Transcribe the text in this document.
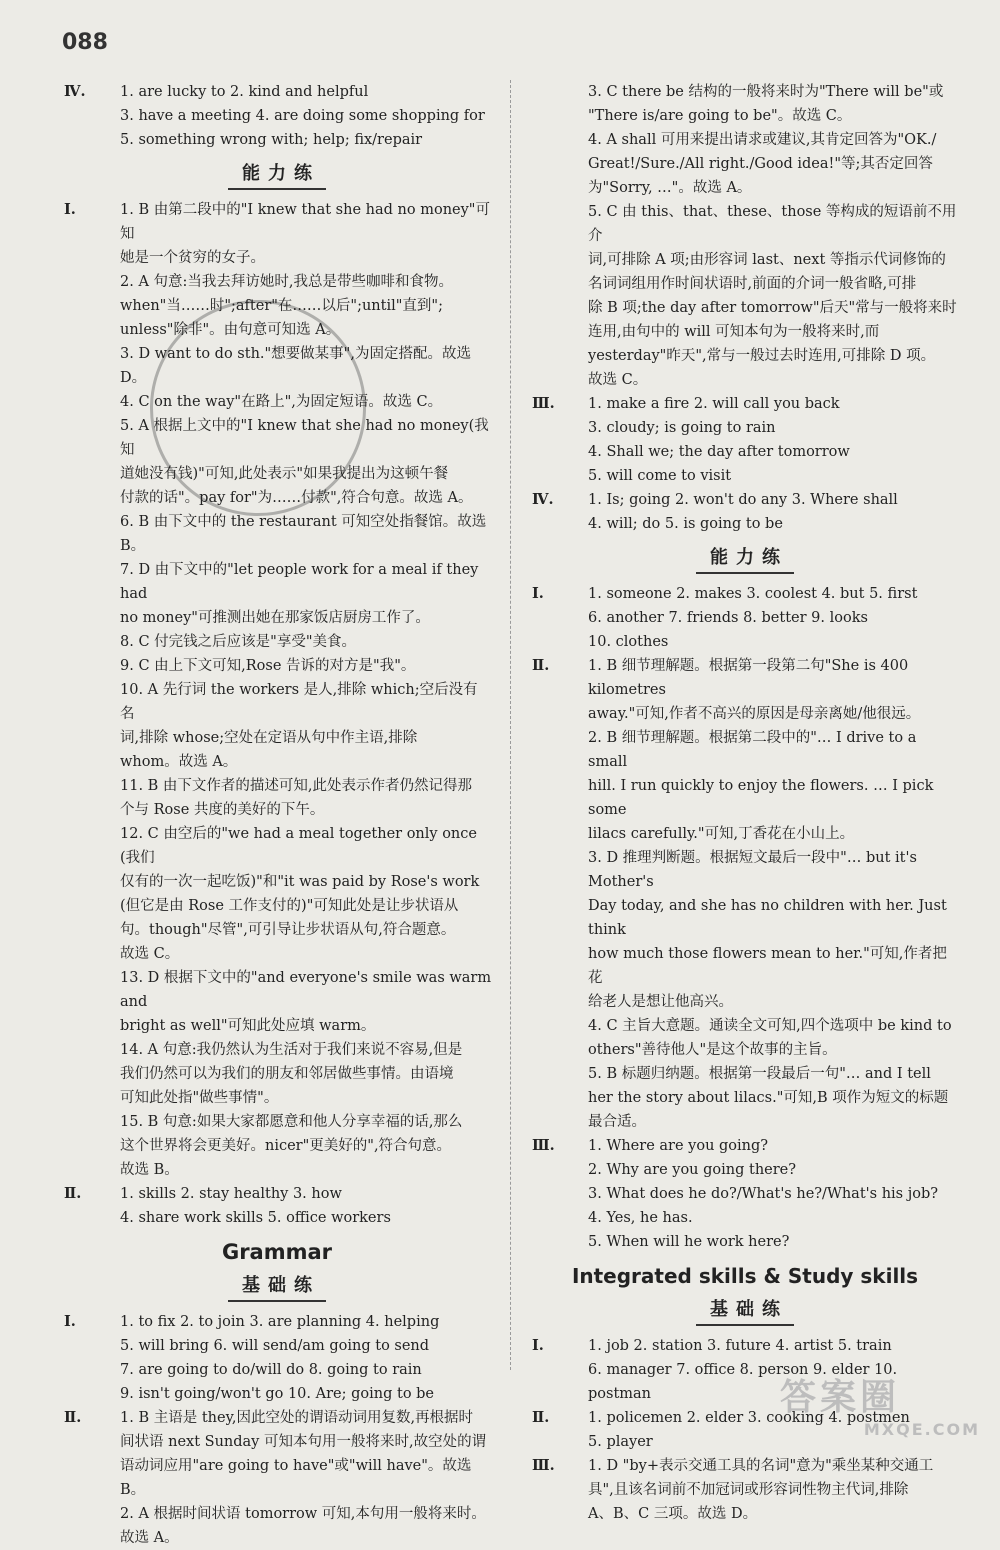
088
Ⅳ. 1. are lucky to 2. kind and helpful
3. have a meeting 4. are doing some shopping for
5. something wrong with; help; fix/repair
能力练
Ⅰ.	1. B 由第二段中的"I knew that she had no money"可知
她是一个贫穷的女子。
2. A 句意:当我去拜访她时,我总是带些咖啡和食物。
when"当……时";after"在……以后";until"直到";
unless"除非"。由句意可知选 A。
3. D want to do sth."想要做某事",为固定搭配。故选 D。
4. C on the way"在路上",为固定短语。故选 C。
5. A 根据上文中的"I knew that she had no money(我知
道她没有钱)"可知,此处表示"如果我提出为这顿午餐
付款的话"。pay for"为……付款",符合句意。故选 A。
6. B 由下文中的 the restaurant 可知空处指餐馆。故选 B。
7. D 由下文中的"let people work for a meal if they had
no money"可推测出她在那家饭店厨房工作了。
8. C 付完钱之后应该是"享受"美食。
9. C 由上下文可知,Rose 告诉的对方是"我"。
10. A 先行词 the workers 是人,排除 which;空后没有名
词,排除 whose;空处在定语从句中作主语,排除
whom。故选 A。
11. B 由下文作者的描述可知,此处表示作者仍然记得那
个与 Rose 共度的美好的下午。
12. C 由空后的"we had a meal together only once (我们
仅有的一次一起吃饭)"和"it was paid by Rose's work
(但它是由 Rose 工作支付的)"可知此处是让步状语从
句。though"尽管",可引导让步状语从句,符合题意。
故选 C。
13. D 根据下文中的"and everyone's smile was warm and
bright as well"可知此处应填 warm。
14. A 句意:我仍然认为生活对于我们来说不容易,但是
我们仍然可以为我们的朋友和邻居做些事情。由语境
可知此处指"做些事情"。
15. B 句意:如果大家都愿意和他人分享幸福的话,那么
这个世界将会更美好。nicer"更美好的",符合句意。
故选 B。
Ⅱ.	1. skills 2. stay healthy 3. how
4. share work skills 5. office workers
Grammar
基础练
Ⅰ.	1. to fix 2. to join 3. are planning 4. helping
5. will bring 6. will send/am going to send
7. are going to do/will do 8. going to rain
9. isn't going/won't go 10. Are; going to be
Ⅱ.	1. B 主语是 they,因此空处的谓语动词用复数,再根据时
间状语 next Sunday 可知本句用一般将来时,故空处的谓
语动词应用"are going to have"或"will have"。故选 B。
2. A 根据时间状语 tomorrow 可知,本句用一般将来时。
故选 A。
3. C there be 结构的一般将来时为"There will be"或
"There is/are going to be"。故选 C。
4. A shall 可用来提出请求或建议,其肯定回答为"OK./
Great!/Sure./All right./Good idea!"等;其否定回答
为"Sorry, …"。故选 A。
5. C 由 this、that、these、those 等构成的短语前不用介
词,可排除 A 项;由形容词 last、next 等指示代词修饰的
名词词组用作时间状语时,前面的介词一般省略,可排
除 B 项;the day after tomorrow"后天"常与一般将来时
连用,由句中的 will 可知本句为一般将来时,而
yesterday"昨天",常与一般过去时连用,可排除 D 项。
故选 C。
Ⅲ. 1. make a fire 2. will call you back
3. cloudy; is going to rain
4. Shall we; the day after tomorrow
5. will come to visit
Ⅳ. 1. Is; going 2. won't do any 3. Where shall
4. will; do 5. is going to be
能力练
Ⅰ.	1. someone 2. makes 3. coolest 4. but 5. first
6. another 7. friends 8. better 9. looks
10. clothes
Ⅱ.	1. B 细节理解题。根据第一段第二句"She is 400 kilometres
away."可知,作者不高兴的原因是母亲离她/他很远。
2. B 细节理解题。根据第二段中的"… I drive to a small
hill. I run quickly to enjoy the flowers. … I pick some
lilacs carefully."可知,丁香花在小山上。
3. D 推理判断题。根据短文最后一段中"… but it's Mother's
Day today, and she has no children with her. Just think
how much those flowers mean to her."可知,作者把花
给老人是想让他高兴。
4. C 主旨大意题。通读全文可知,四个选项中 be kind to
others"善待他人"是这个故事的主旨。
5. B 标题归纳题。根据第一段最后一句"… and I tell
her the story about lilacs."可知,B 项作为短文的标题
最合适。
Ⅲ. 1. Where are you going?
2. Why are you going there?
3. What does he do?/What's he?/What's his job?
4. Yes, he has.
5. When will he work here?
Integrated skills & Study skills
基础练
Ⅰ.	1. job 2. station 3. future 4. artist 5. train
6. manager 7. office 8. person 9. elder 10. postman
Ⅱ.	1. policemen 2. elder 3. cooking 4. postmen
5. player
Ⅲ. 1. D "by+表示交通工具的名词"意为"乘坐某种交通工
具",且该名词前不加冠词或形容词性物主代词,排除
A、B、C 三项。故选 D。
答案圈
MXQE.COM
